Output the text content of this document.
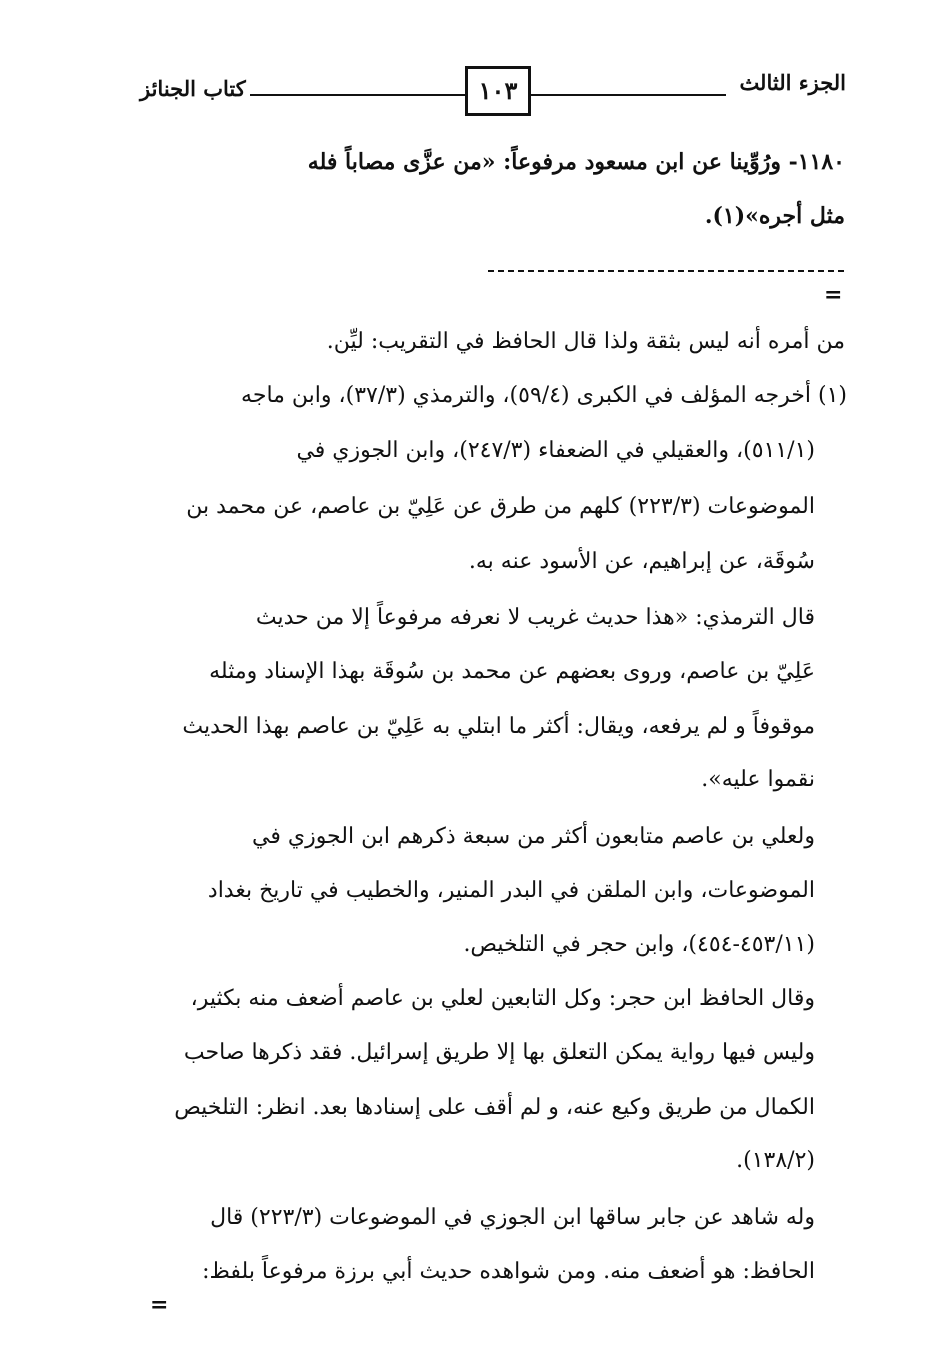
الجزء الثالث
١٠٣
كتاب الجنائز
١١٨٠- ورُوِّينا عن ابن مسعود مرفوعاً: «من عزَّى مصاباً فله
مثل أجره»(١).
=
من أمره أنه ليس بثقة ولذا قال الحافظ في التقريب: ليِّن.
(١) أخرجه المؤلف في الكبرى (٥٩/٤)، والترمذي (٣٧/٣)، وابن ماجه
(٥١١/١)، والعقيلي في الضعفاء (٢٤٧/٣)، وابن الجوزي في
الموضوعات (٢٢٣/٣) كلهم من طرق عن عَلِيّ بن عاصم، عن محمد بن
سُوقَة، عن إبراهيم، عن الأسود عنه به.
قال الترمذي: «هذا حديث غريب لا نعرفه مرفوعاً إلا من حديث
عَلِيّ بن عاصم، وروى بعضهم عن محمد بن سُوقَة بهذا الإسناد ومثله
موقوفاً و لم يرفعه، ويقال: أكثر ما ابتلي به عَلِيّ بن عاصم بهذا الحديث
نقموا عليه».
ولعلي بن عاصم متابعون أكثر من سبعة ذكرهم ابن الجوزي في
الموضوعات، وابن الملقن في البدر المنير، والخطيب في تاريخ بغداد
(٤٥٣/١١-٤٥٤)، وابن حجر في التلخيص.
وقال الحافظ ابن حجر: وكل التابعين لعلي بن عاصم أضعف منه بكثير،
وليس فيها رواية يمكن التعلق بها إلا طريق إسرائيل. فقد ذكرها صاحب
الكمال من طريق وكيع عنه، و لم أقف على إسنادها بعد. انظر: التلخيص
(١٣٨/٢).
وله شاهد عن جابر ساقها ابن الجوزي في الموضوعات (٢٢٣/٣) قال
الحافظ: هو أضعف منه. ومن شواهده حديث أبي برزة مرفوعاً بلفظ:
=
